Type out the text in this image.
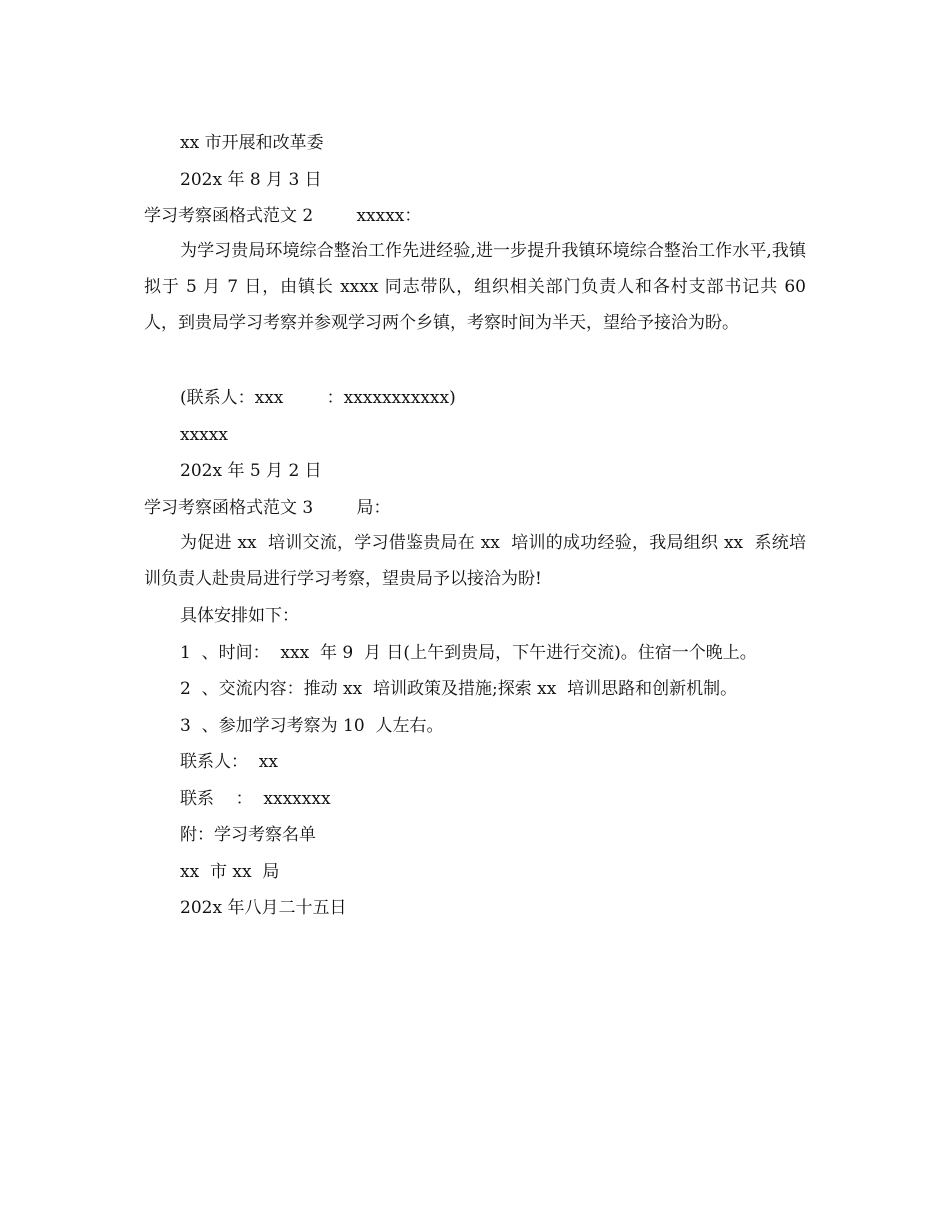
xx 市开展和改革委
202x 年 8 月 3 日
学习考察函格式范文 2        xxxxx：
为学习贵局环境综合整治工作先进经验,进一步提升我镇环境综合整治工作水平,我镇拟于 5 月 7 日，由镇长 xxxx 同志带队，组织相关部门负责人和各村支部书记共 60 人，到贵局学习考察并参观学习两个乡镇，考察时间为半天，望给予接洽为盼。
(联系人：xxx        ：xxxxxxxxxxx)
xxxxx
202x 年 5 月 2 日
学习考察函格式范文 3        局：
为促进 xx  培训交流，学习借鉴贵局在 xx  培训的成功经验，我局组织 xx  系统培训负责人赴贵局进行学习考察，望贵局予以接洽为盼!
具体安排如下：
1  、时间：  xxx  年 9  月 日(上午到贵局，下午进行交流)。住宿一个晚上。
2  、交流内容：推动 xx  培训政策及措施;探索 xx  培训思路和创新机制。
3  、参加学习考察为 10  人左右。
联系人：  xx
联系    ：  xxxxxxx
附：学习考察名单
xx  市 xx  局
202x 年八月二十五日
